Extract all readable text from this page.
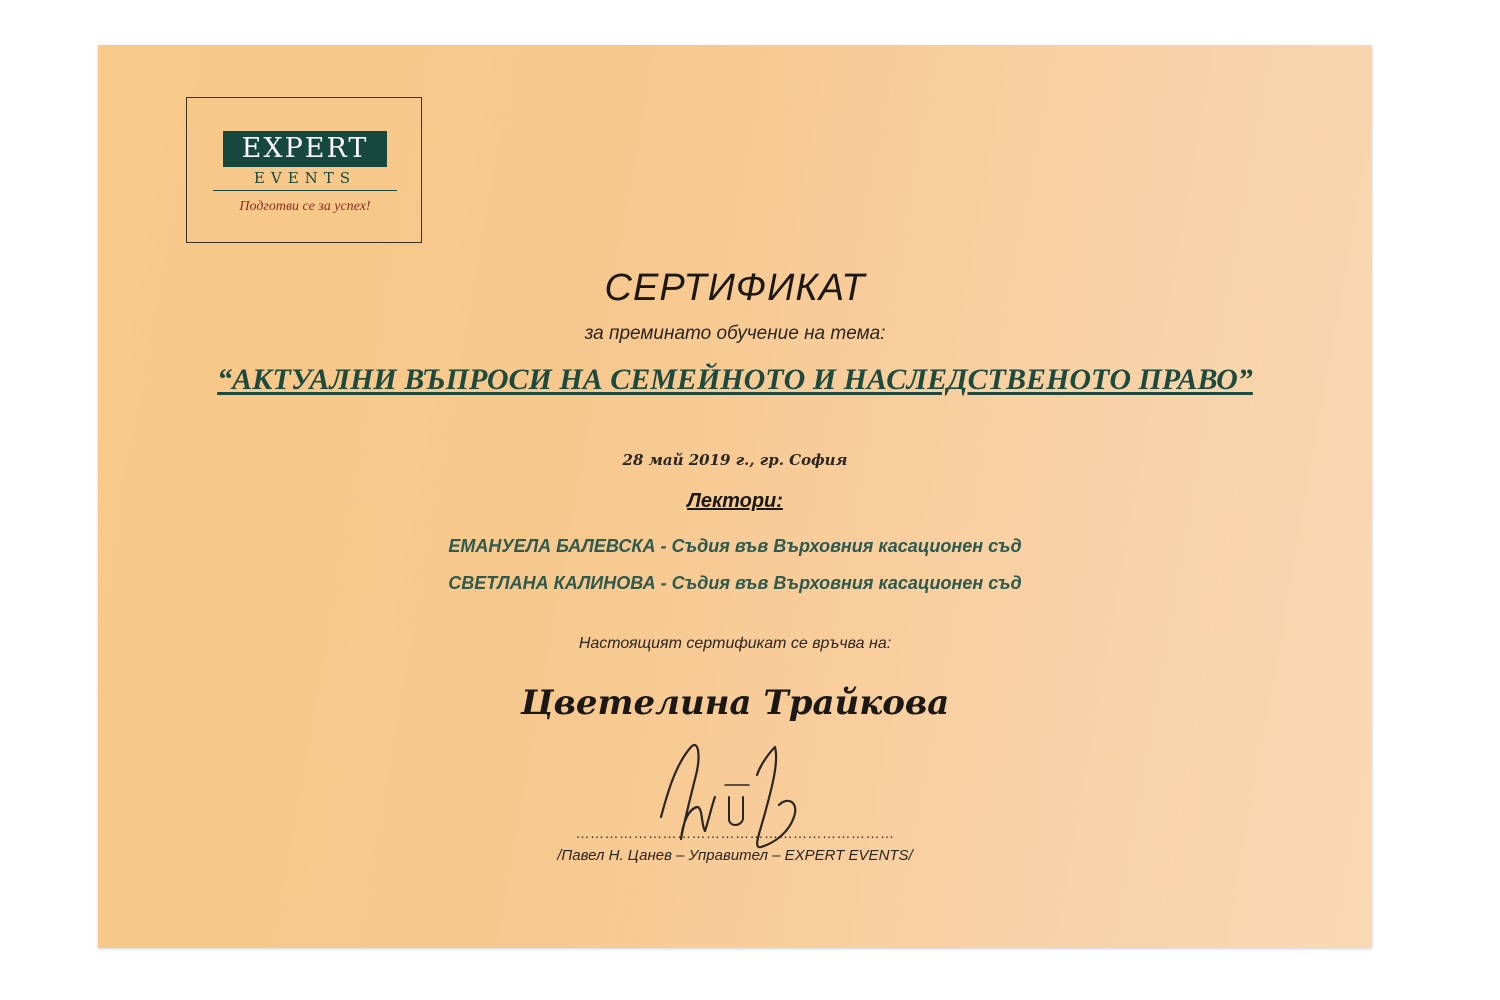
EXPERT
EVENTS
Подготви се за успех!
СЕРТИФИКАТ
за преминато обучение на тема:
“АКТУАЛНИ ВЪПРОСИ НА СЕМЕЙНОТО И НАСЛЕДСТВЕНОТО ПРАВО”
28 май 2019 г., гр. София
Лектори:
ЕМАНУЕЛА БАЛЕВСКА - Съдия във Върховния касационен съд
СВЕТЛАНА КАЛИНОВА - Съдия във Върховния касационен съд
Настоящият сертификат се връчва на:
Цветелина Трайкова
…………………………………………………………
/Павел Н. Цанев – Управител – EXPERT EVENTS/
